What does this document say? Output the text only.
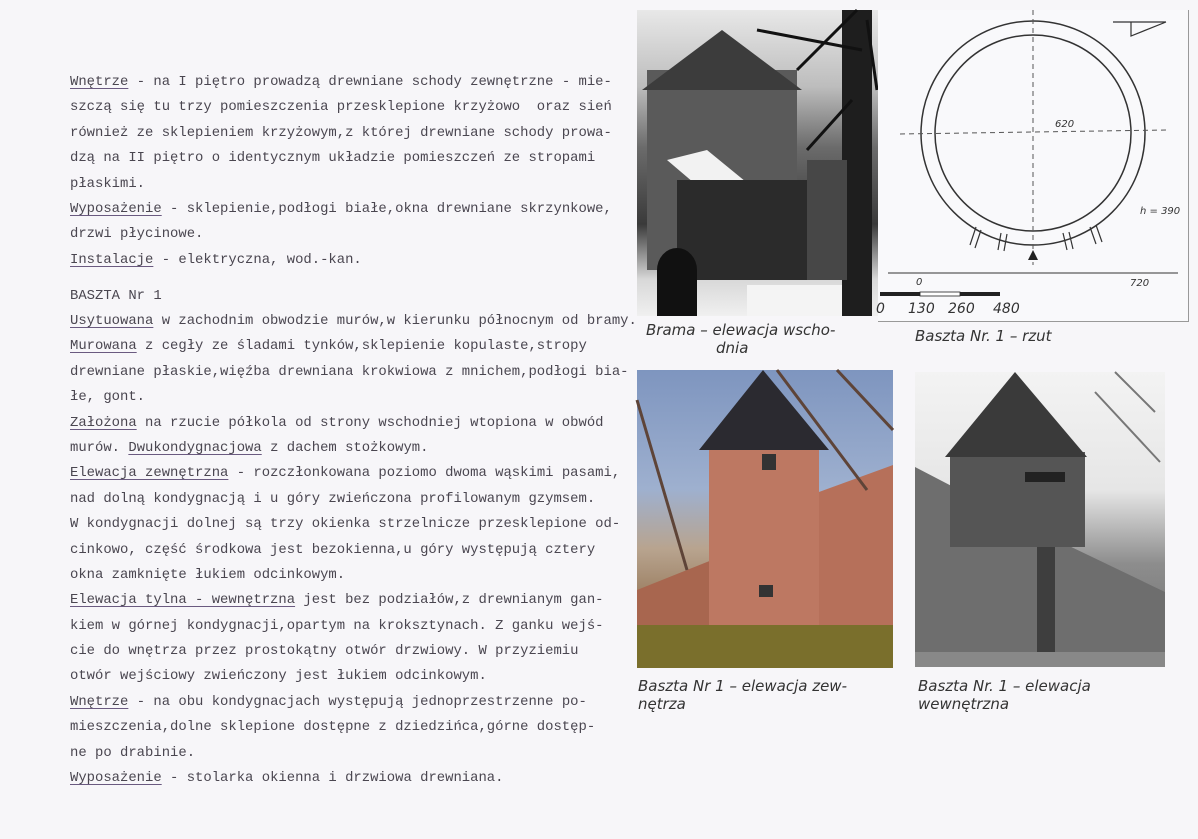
Wnętrze - na I piętro prowadzą drewniane schody zewnętrzne - mie-
szczą się tu trzy pomieszczenia przesklepione krzyżowo  oraz sień
również ze sklepieniem krzyżowym,z której drewniane schody prowa-
dzą na II piętro o identycznym układzie pomieszczeń ze stropami
płaskimi.
Wyposażenie - sklepienie,podłogi białe,okna drewniane skrzynkowe,
drzwi płycinowe.
Instalacje - elektryczna, wod.-kan.
BASZTA Nr 1
Usytuowana w zachodnim obwodzie murów,w kierunku północnym od bramy.
Murowana z cegły ze śladami tynków,sklepienie kopulaste,stropy
drewniane płaskie,więźba drewniana krokwiowa z mnichem,podłogi bia-
łe, gont.
Założona na rzucie półkola od strony wschodniej wtopiona w obwód
murów. Dwukondygnacjowa z dachem stożkowym.
Elewacja zewnętrzna - rozczłonkowana poziomo dwoma wąskimi pasami,
nad dolną kondygnacją i u góry zwieńczona profilowanym gzymsem.
W kondygnacji dolnej są trzy okienka strzelnicze przesklepione od-
cinkowo, część środkowa jest bezokienna,u góry występują cztery
okna zamknięte łukiem odcinkowym.
Elewacja tylna - wewnętrzna jest bez podziałów,z drewnianym gan-
kiem w górnej kondygnacji,opartym na kroksztynach. Z ganku wejś-
cie do wnętrza przez prostokątny otwór drzwiowy. W przyziemiu
otwór wejściowy zwieńczony jest łukiem odcinkowym.
Wnętrze - na obu kondygnacjach występują jednoprzestrzenne po-
mieszczenia,dolne sklepione dostępne z dziedzińca,górne dostęp-
ne po drabinie.
Wyposażenie - stolarka okienna i drzwiowa drewniana.
Brama – elewacja wscho-
dnia
620
h = 390
0	720
0 130 260 480
Baszta Nr. 1 – rzut
Baszta Nr 1 – elewacja zew-
nętrza
Baszta Nr. 1 – elewacja
wewnętrzna
